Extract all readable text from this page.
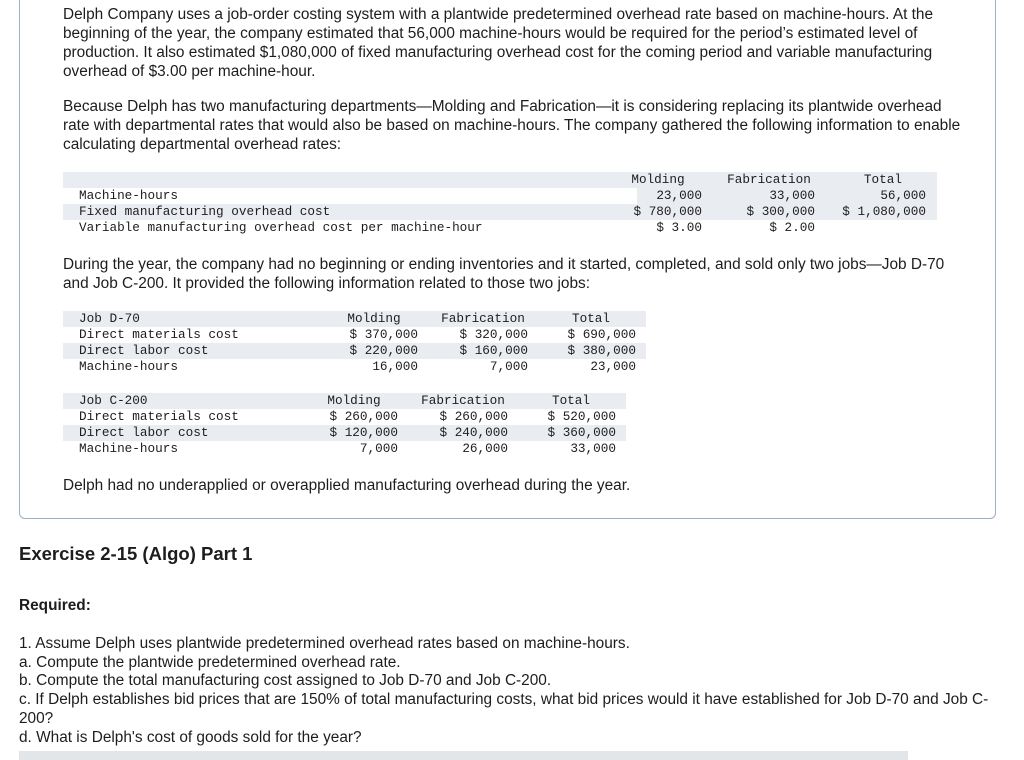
Delph Company uses a job-order costing system with a plantwide predetermined overhead rate based on machine-hours. At the beginning of the year, the company estimated that 56,000 machine-hours would be required for the period’s estimated level of production. It also estimated $1,080,000 of fixed manufacturing overhead cost for the coming period and variable manufacturing overhead of $3.00 per machine-hour.

Because Delph has two manufacturing departments—Molding and Fabrication—it is considering replacing its plantwide overhead rate with departmental rates that would also be based on machine-hours. The company gathered the following information to enable calculating departmental overhead rates:

Molding	Fabrication	Total
Machine-hours	23,000	33,000	56,000
Fixed manufacturing overhead cost	$ 780,000	$ 300,000	$ 1,080,000
Variable manufacturing overhead cost per machine-hour	$ 3.00	$ 2.00

During the year, the company had no beginning or ending inventories and it started, completed, and sold only two jobs—Job D-70 and Job C-200. It provided the following information related to those two jobs:

Job D-70	Molding	Fabrication	Total
Direct materials cost	$ 370,000	$ 320,000	$ 690,000
Direct labor cost	$ 220,000	$ 160,000	$ 380,000
Machine-hours	16,000	7,000	23,000
Job C-200	Molding	Fabrication	Total
Direct materials cost	$ 260,000	$ 260,000	$ 520,000
Direct labor cost	$ 120,000	$ 240,000	$ 360,000
Machine-hours	7,000	26,000	33,000

Delph had no underapplied or overapplied manufacturing overhead during the year.

Exercise 2-15 (Algo) Part 1

Required:

1. Assume Delph uses plantwide predetermined overhead rates based on machine-hours.

a. Compute the plantwide predetermined overhead rate.

b. Compute the total manufacturing cost assigned to Job D-70 and Job C-200.

c. If Delph establishes bid prices that are 150% of total manufacturing costs, what bid prices would it have established for Job D-70 and Job C-200?

d. What is Delph's cost of goods sold for the year?
